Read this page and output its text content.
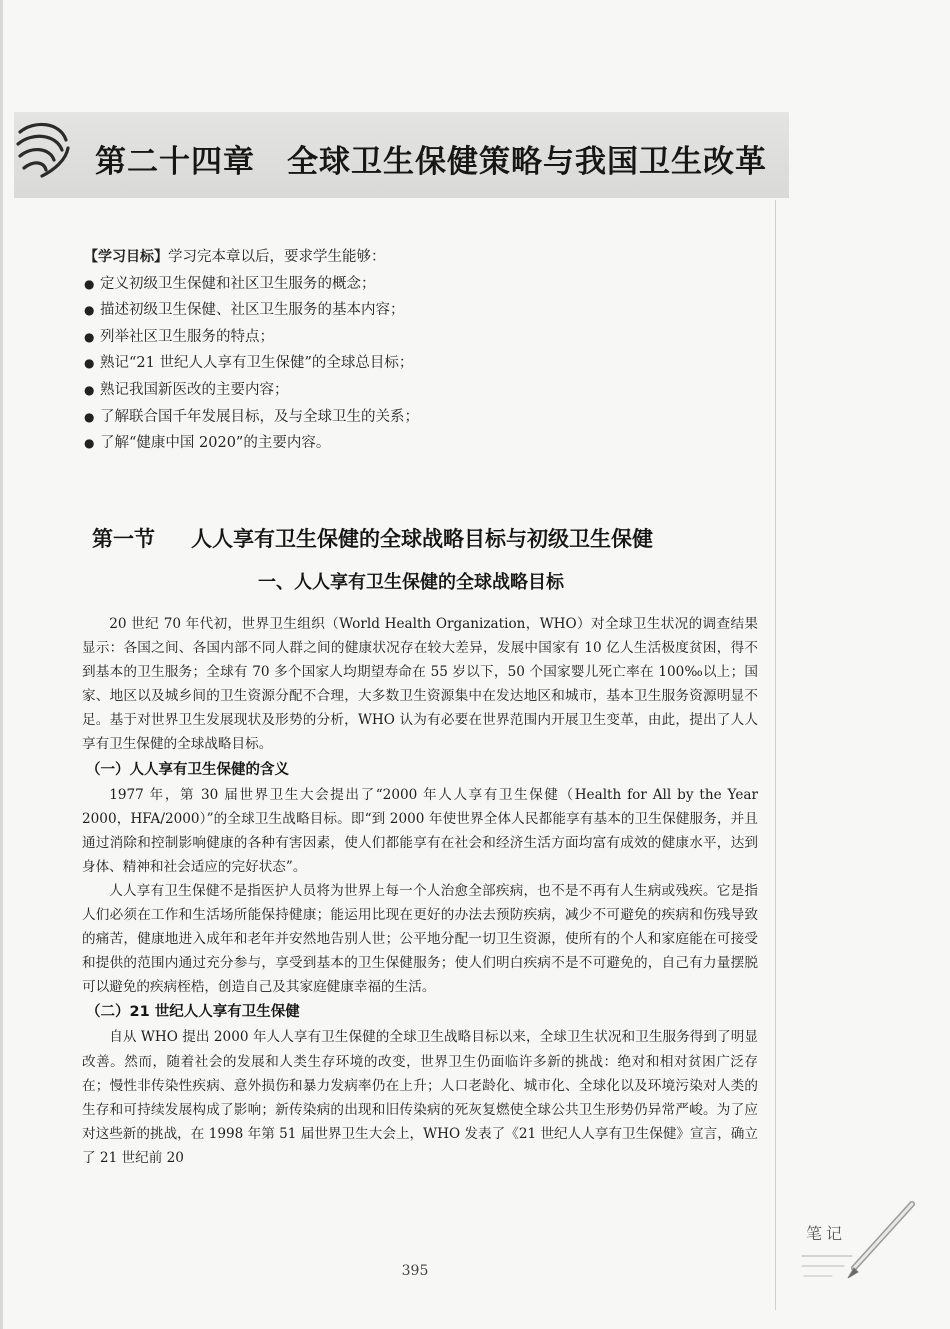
第二十四章　全球卫生保健策略与我国卫生改革
【学习目标】学习完本章以后，要求学生能够：
● 定义初级卫生保健和社区卫生服务的概念；
● 描述初级卫生保健、社区卫生服务的基本内容；
● 列举社区卫生服务的特点；
● 熟记“21 世纪人人享有卫生保健”的全球总目标；
● 熟记我国新医改的主要内容；
● 了解联合国千年发展目标，及与全球卫生的关系；
● 了解“健康中国 2020”的主要内容。
第一节 人人享有卫生保健的全球战略目标与初级卫生保健
一、人人享有卫生保健的全球战略目标

20 世纪 70 年代初，世界卫生组织（World Health Organization，WHO）对全球卫生状况的调查结果显示：各国之间、各国内部不同人群之间的健康状况存在较大差异，发展中国家有 10 亿人生活极度贫困，得不到基本的卫生服务；全球有 70 多个国家人均期望寿命在 55 岁以下，50 个国家婴儿死亡率在 100‰以上；国家、地区以及城乡间的卫生资源分配不合理，大多数卫生资源集中在发达地区和城市，基本卫生服务资源明显不足。基于对世界卫生发展现状及形势的分析，WHO 认为有必要在世界范围内开展卫生变革，由此，提出了人人享有卫生保健的全球战略目标。

（一）人人享有卫生保健的含义

1977 年，第 30 届世界卫生大会提出了“2000 年人人享有卫生保健（Health for All by the Year 2000，HFA/2000）”的全球卫生战略目标。即“到 2000 年使世界全体人民都能享有基本的卫生保健服务，并且通过消除和控制影响健康的各种有害因素，使人们都能享有在社会和经济生活方面均富有成效的健康水平，达到身体、精神和社会适应的完好状态”。

人人享有卫生保健不是指医护人员将为世界上每一个人治愈全部疾病，也不是不再有人生病或残疾。它是指人们必须在工作和生活场所能保持健康；能运用比现在更好的办法去预防疾病，减少不可避免的疾病和伤残导致的痛苦，健康地进入成年和老年并安然地告别人世；公平地分配一切卫生资源，使所有的个人和家庭能在可接受和提供的范围内通过充分参与，享受到基本的卫生保健服务；使人们明白疾病不是不可避免的，自己有力量摆脱可以避免的疾病桎梏，创造自己及其家庭健康幸福的生活。

（二）21 世纪人人享有卫生保健

自从 WHO 提出 2000 年人人享有卫生保健的全球卫生战略目标以来，全球卫生状况和卫生服务得到了明显改善。然而，随着社会的发展和人类生存环境的改变，世界卫生仍面临许多新的挑战：绝对和相对贫困广泛存在；慢性非传染性疾病、意外损伤和暴力发病率仍在上升；人口老龄化、城市化、全球化以及环境污染对人类的生存和可持续发展构成了影响；新传染病的出现和旧传染病的死灰复燃使全球公共卫生形势仍异常严峻。为了应对这些新的挑战，在 1998 年第 51 届世界卫生大会上，WHO 发表了《21 世纪人人享有卫生保健》宣言，确立了 21 世纪前 20

笔记
395
